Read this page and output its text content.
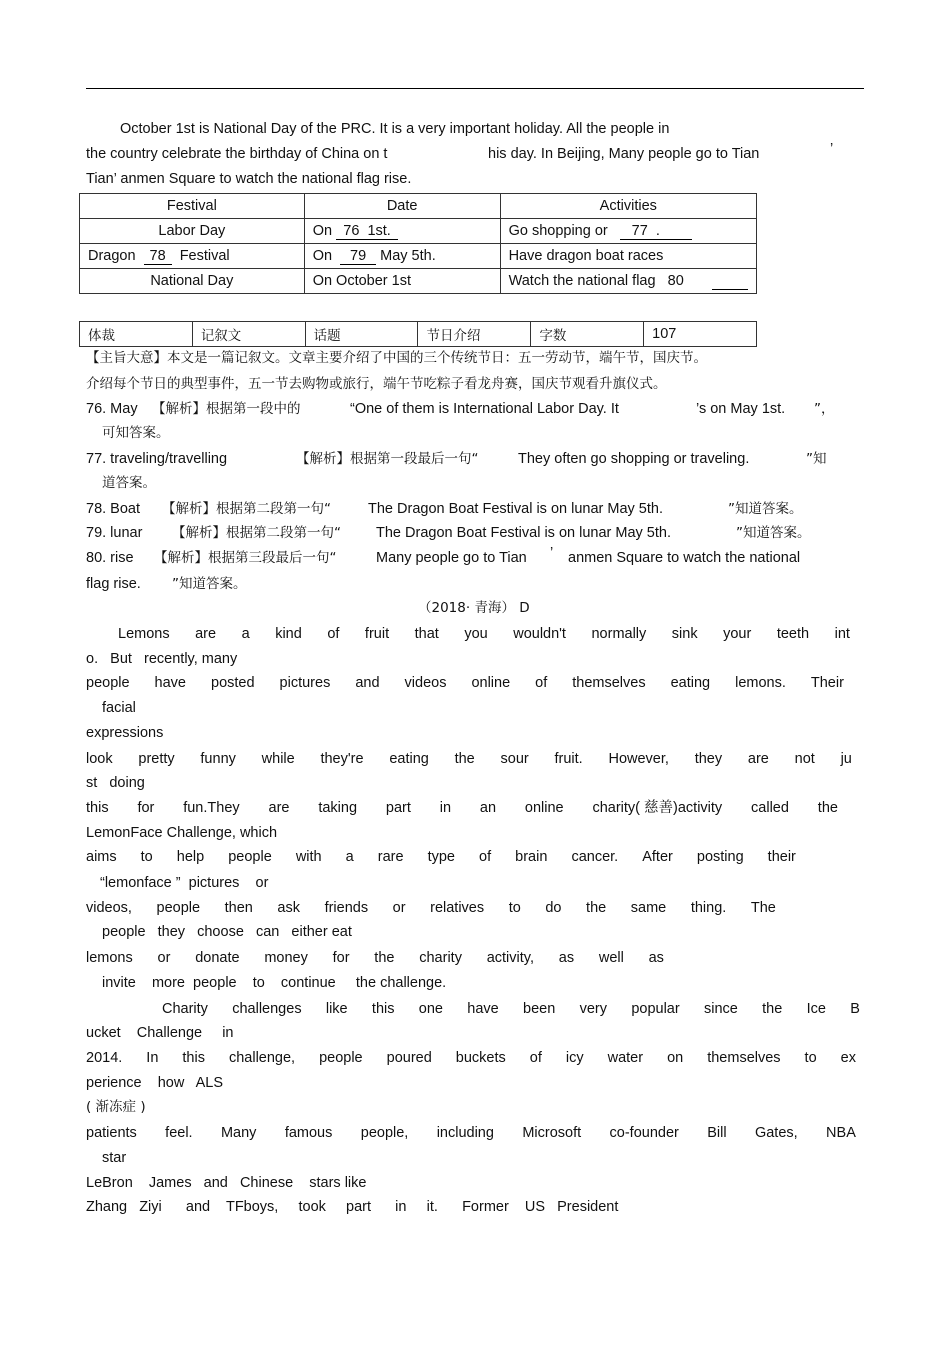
October 1st is National Day of the PRC. It is a very important holiday. All the people in
the country celebrate the birthday of China on t	his day. In Beijing, Many people go to Tian	’
Tian’ anmen Square to watch the national flag rise.
Festival	Date	Activities
Labor Day	On 76 1st.	Go shopping or 77 .
Dragon 78 Festival	On 79 May 5th.	Have dragon boat races
National Day	On October 1st	Watch the national flag 80
体裁	记叙文	话题	节日介绍	字数	107
【主旨大意】本文是一篇记叙文。文章主要介绍了中国的三个传统节日：五一劳动节，端午节，国庆节。
介绍每个节日的典型事件，五一节去购物或旅行，端午节吃粽子看龙舟赛，国庆节观看升旗仪式。
76. May 【解析】根据第一段中的	“One of them is International Labor Day. It	’s on May 1st. ”，
可知答案。
77. traveling/travelling	【解析】根据第一段最后一句“	They often go shopping or traveling.	”知
道答案。
78. Boat 【解析】根据第二段第一句“	The Dragon Boat Festival is on lunar May 5th.	”知道答案。
79. lunar 【解析】根据第二段第一句“ The Dragon Boat Festival is on lunar May 5th.	”知道答案。
80. rise 【解析】根据第三段最后一句“	Many people go to Tian ’ anmen Square to watch the national
flag rise. ”知道答案。
（2018· 青海） D
Lemons are a kind of fruit that you wouldn't normally sink your teeth int
o.   But   recently, many
people have posted pictures and videos online of themselves eating lemons. Their
facial
expressions
look pretty funny while they're eating the sour fruit. However, they are not ju
st   doing
this for fun.They are taking part in an online charity( 慈善)activity called the
LemonFace Challenge, which
aims to help people with a rare type of brain cancer. After posting their
“lemonface ”  pictures    or
videos, people then ask friends or relatives to do the same thing. The
people   they   choose   can   either eat
lemons or donate money for the charity activity, as well as
invite    more  people    to    continue     the challenge.
Charity challenges like this one have been very popular since the Ice B
ucket    Challenge     in
2014. In this challenge, people poured buckets of icy water on themselves to ex
perience    how   ALS
( 渐冻症 )
patients feel. Many famous people, including Microsoft co-founder Bill Gates, NBA
star
LeBron    James   and   Chinese    stars like
Zhang   Ziyi      and    TFboys,     took     part      in     it.      Former    US   President
